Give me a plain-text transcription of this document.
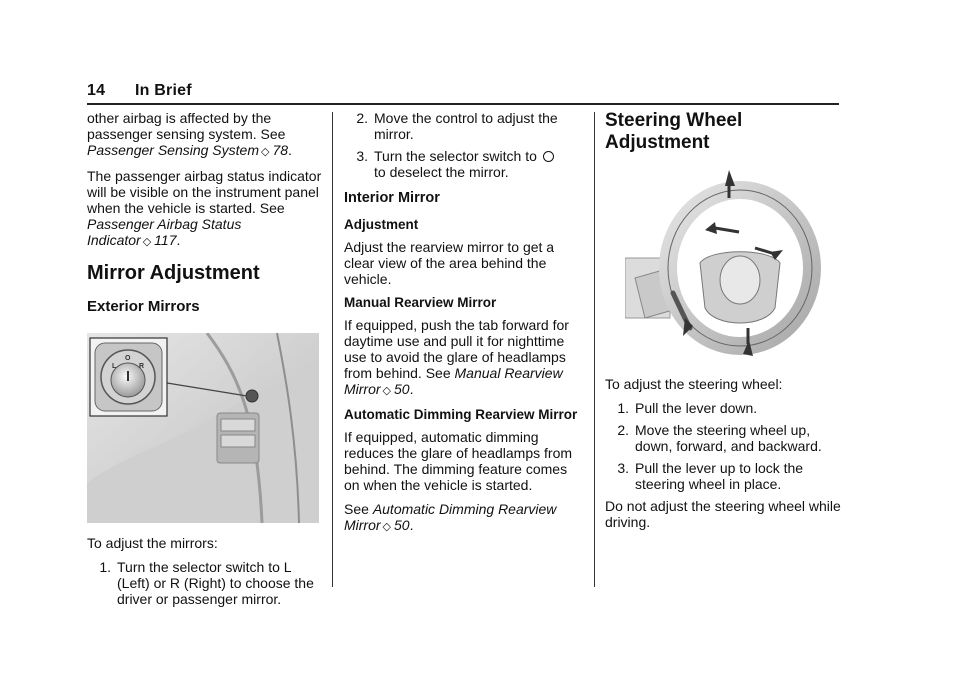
14 In Brief

other airbag is affected by the passenger sensing system. See Passenger Sensing System ◇ 78.

The passenger airbag status indicator will be visible on the instrument panel when the vehicle is started. See Passenger Airbag Status Indicator ◇ 117.

Mirror Adjustment
Exterior Mirrors
L
O
R

To adjust the mirrors:

1. Turn the selector switch to L (Left) or R (Right) to choose the driver or passenger mirror.
2. Move the control to adjust the mirror.
3. Turn the selector switch to
to deselect the mirror.
Interior Mirror
Adjustment

Adjust the rearview mirror to get a clear view of the area behind the vehicle.

Manual Rearview Mirror

If equipped, push the tab forward for daytime use and pull it for nighttime use to avoid the glare of headlamps from behind. See Manual Rearview Mirror ◇ 50.

Automatic Dimming Rearview Mirror

If equipped, automatic dimming reduces the glare of headlamps from behind. The dimming feature comes on when the vehicle is started.

See Automatic Dimming Rearview Mirror ◇ 50.

Steering Wheel Adjustment

To adjust the steering wheel:

1. Pull the lever down.
2. Move the steering wheel up, down, forward, and backward.
3. Pull the lever up to lock the steering wheel in place.

Do not adjust the steering wheel while driving.
